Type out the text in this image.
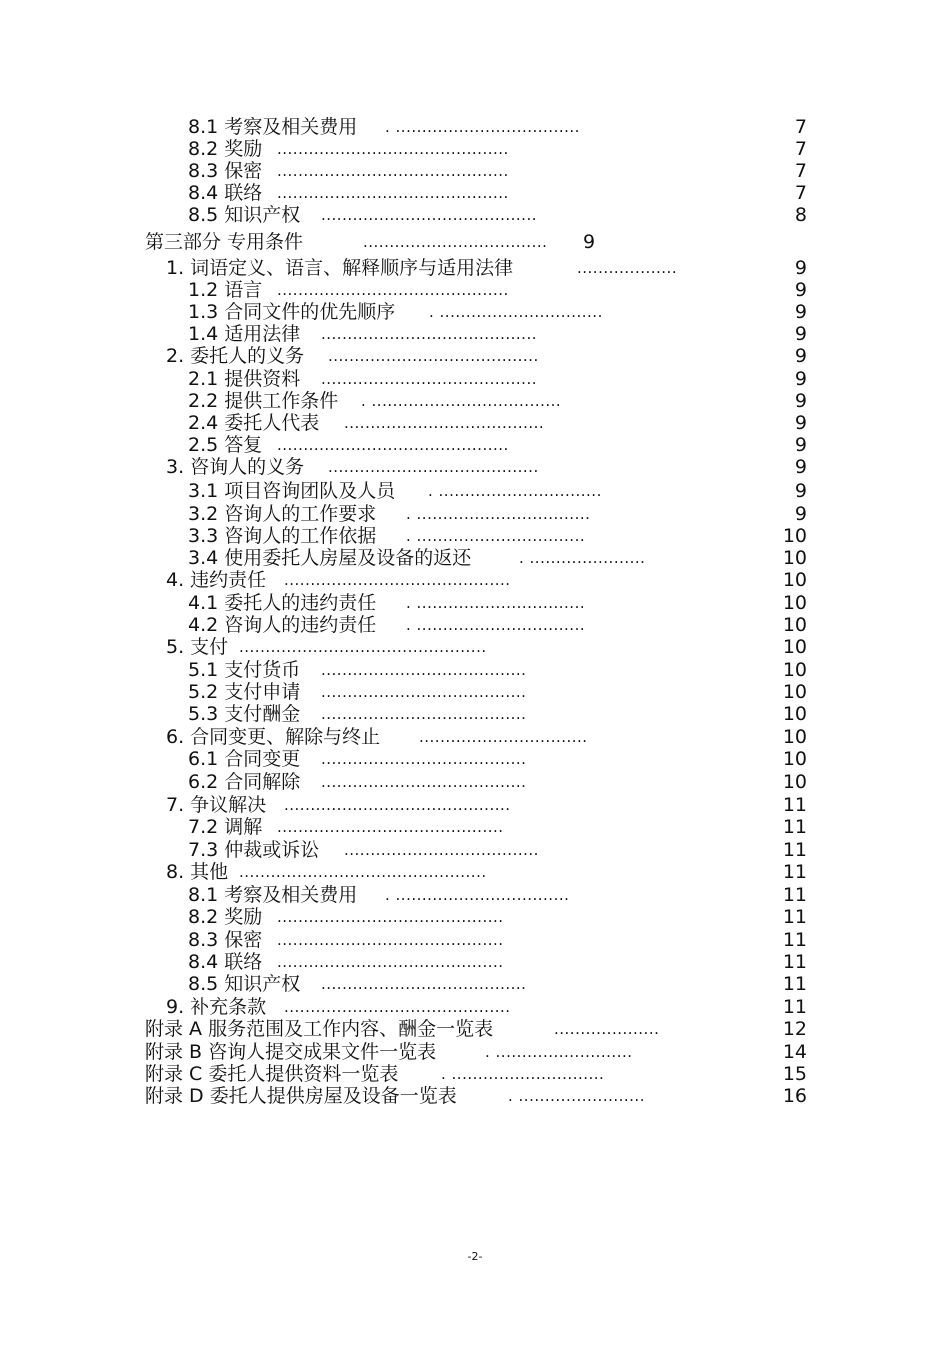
8.1 考察及相关费用 . ...................................	7
8.2 奖励 ............................................	7
8.3 保密 ............................................	7
8.4 联络 ............................................	7
8.5 知识产权 .........................................	8
第三部分 专用条件	................................... 9
1. 词语定义、语言、解释顺序与适用法律	...................	9
1.2 语言 ............................................	9
1.3 合同文件的优先顺序 . ...............................	9
1.4 适用法律 .........................................	9
2. 委托人的义务 ........................................	9
2.1 提供资料 .........................................	9
2.2 提供工作条件 . ....................................	9
2.4 委托人代表 ......................................	9
2.5 答复 ............................................	9
3. 咨询人的义务 ........................................	9
3.1 项目咨询团队及人员 . ...............................	9
3.2 咨询人的工作要求 . .................................	9
3.3 咨询人的工作依据 . ................................	10
3.4 使用委托人房屋及设备的返还	. ......................	10
4. 违约责任 ...........................................	10
4.1 委托人的违约责任 . ................................	10
4.2 咨询人的违约责任 . ................................	10
5. 支付 ...............................................	10
5.1 支付货币 .......................................	10
5.2 支付申请 .......................................	10
5.3 支付酬金 .......................................	10
6. 合同变更、解除与终止	................................	10
6.1 合同变更 .......................................	10
6.2 合同解除 .......................................	10
7. 争议解决 ...........................................	11
7.2 调解 ...........................................	11
7.3 仲裁或诉讼 .....................................	11
8. 其他 ...............................................	11
8.1 考察及相关费用 . .................................	11
8.2 奖励 ...........................................	11
8.3 保密 ...........................................	11
8.4 联络 ...........................................	11
8.5 知识产权 .......................................	11
9. 补充条款 ...........................................	11
附录 A 服务范围及工作内容、酬金一览表	....................	12
附录 B 咨询人提交成果文件一览表	. ..........................	14
附录 C 委托人提供资料一览表	. .............................	15
附录 D 委托人提供房屋及设备一览表	. ........................	16
-2-
